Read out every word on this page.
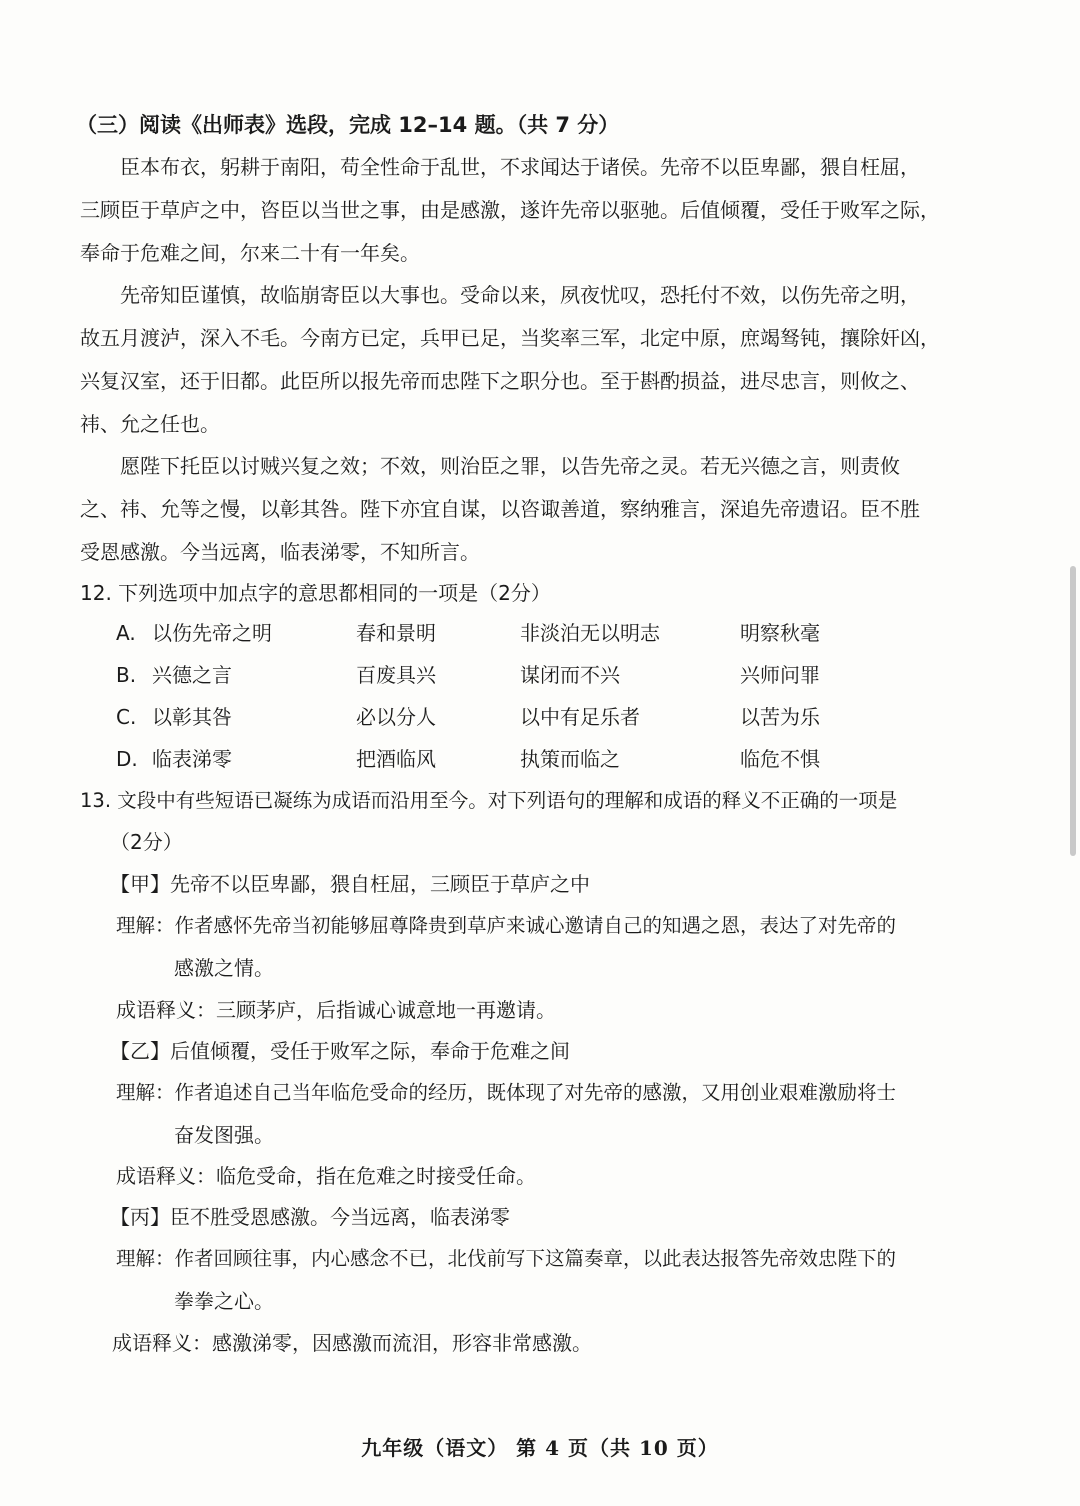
（三）阅读《出师表》选段，完成 12–14 题。（共 7 分）
臣本布衣，躬耕于南阳，苟全性命于乱世，不求闻达于诸侯。先帝不以臣卑鄙，猥自枉屈，
三顾臣于草庐之中，咨臣以当世之事，由是感激，遂许先帝以驱驰。后值倾覆，受任于败军之际，
奉命于危难之间，尔来二十有一年矣。
先帝知臣谨慎，故临崩寄臣以大事也。受命以来，夙夜忧叹，恐托付不效，以伤先帝之明，
故五月渡泸，深入不毛。今南方已定，兵甲已足，当奖率三军，北定中原，庶竭驽钝，攘除奸凶，
兴复汉室，还于旧都。此臣所以报先帝而忠陛下之职分也。至于斟酌损益，进尽忠言，则攸之、
祎、允之任也。
愿陛下托臣以讨贼兴复之效；不效，则治臣之罪，以告先帝之灵。若无兴德之言，则责攸
之、祎、允等之慢，以彰其咎。陛下亦宜自谋，以咨诹善道，察纳雅言，深追先帝遗诏。臣不胜
受恩感激。今当远离，临表涕零，不知所言。
12. 下列选项中加点字的意思都相同的一项是（2分）
A. 以伤先帝之明	春和景明	非淡泊无以明志	明察秋毫
B. 兴德之言	百废具兴	谋闭而不兴	兴师问罪
C. 以彰其咎	必以分人	以中有足乐者	以苦为乐
D. 临表涕零	把酒临风	执策而临之	临危不惧
13. 文段中有些短语已凝练为成语而沿用至今。对下列语句的理解和成语的释义不正确的一项是
（2分）
【甲】先帝不以臣卑鄙，猥自枉屈，三顾臣于草庐之中
理解：作者感怀先帝当初能够屈尊降贵到草庐来诚心邀请自己的知遇之恩，表达了对先帝的
感激之情。
成语释义：三顾茅庐，后指诚心诚意地一再邀请。
【乙】后值倾覆，受任于败军之际，奉命于危难之间
理解：作者追述自己当年临危受命的经历，既体现了对先帝的感激，又用创业艰难激励将士
奋发图强。
成语释义：临危受命，指在危难之时接受任命。
【丙】臣不胜受恩感激。今当远离，临表涕零
理解：作者回顾往事，内心感念不已，北伐前写下这篇奏章，以此表达报答先帝效忠陛下的
拳拳之心。
成语释义：感激涕零，因感激而流泪，形容非常感激。
九年级（语文） 第 4 页（共 10 页）
